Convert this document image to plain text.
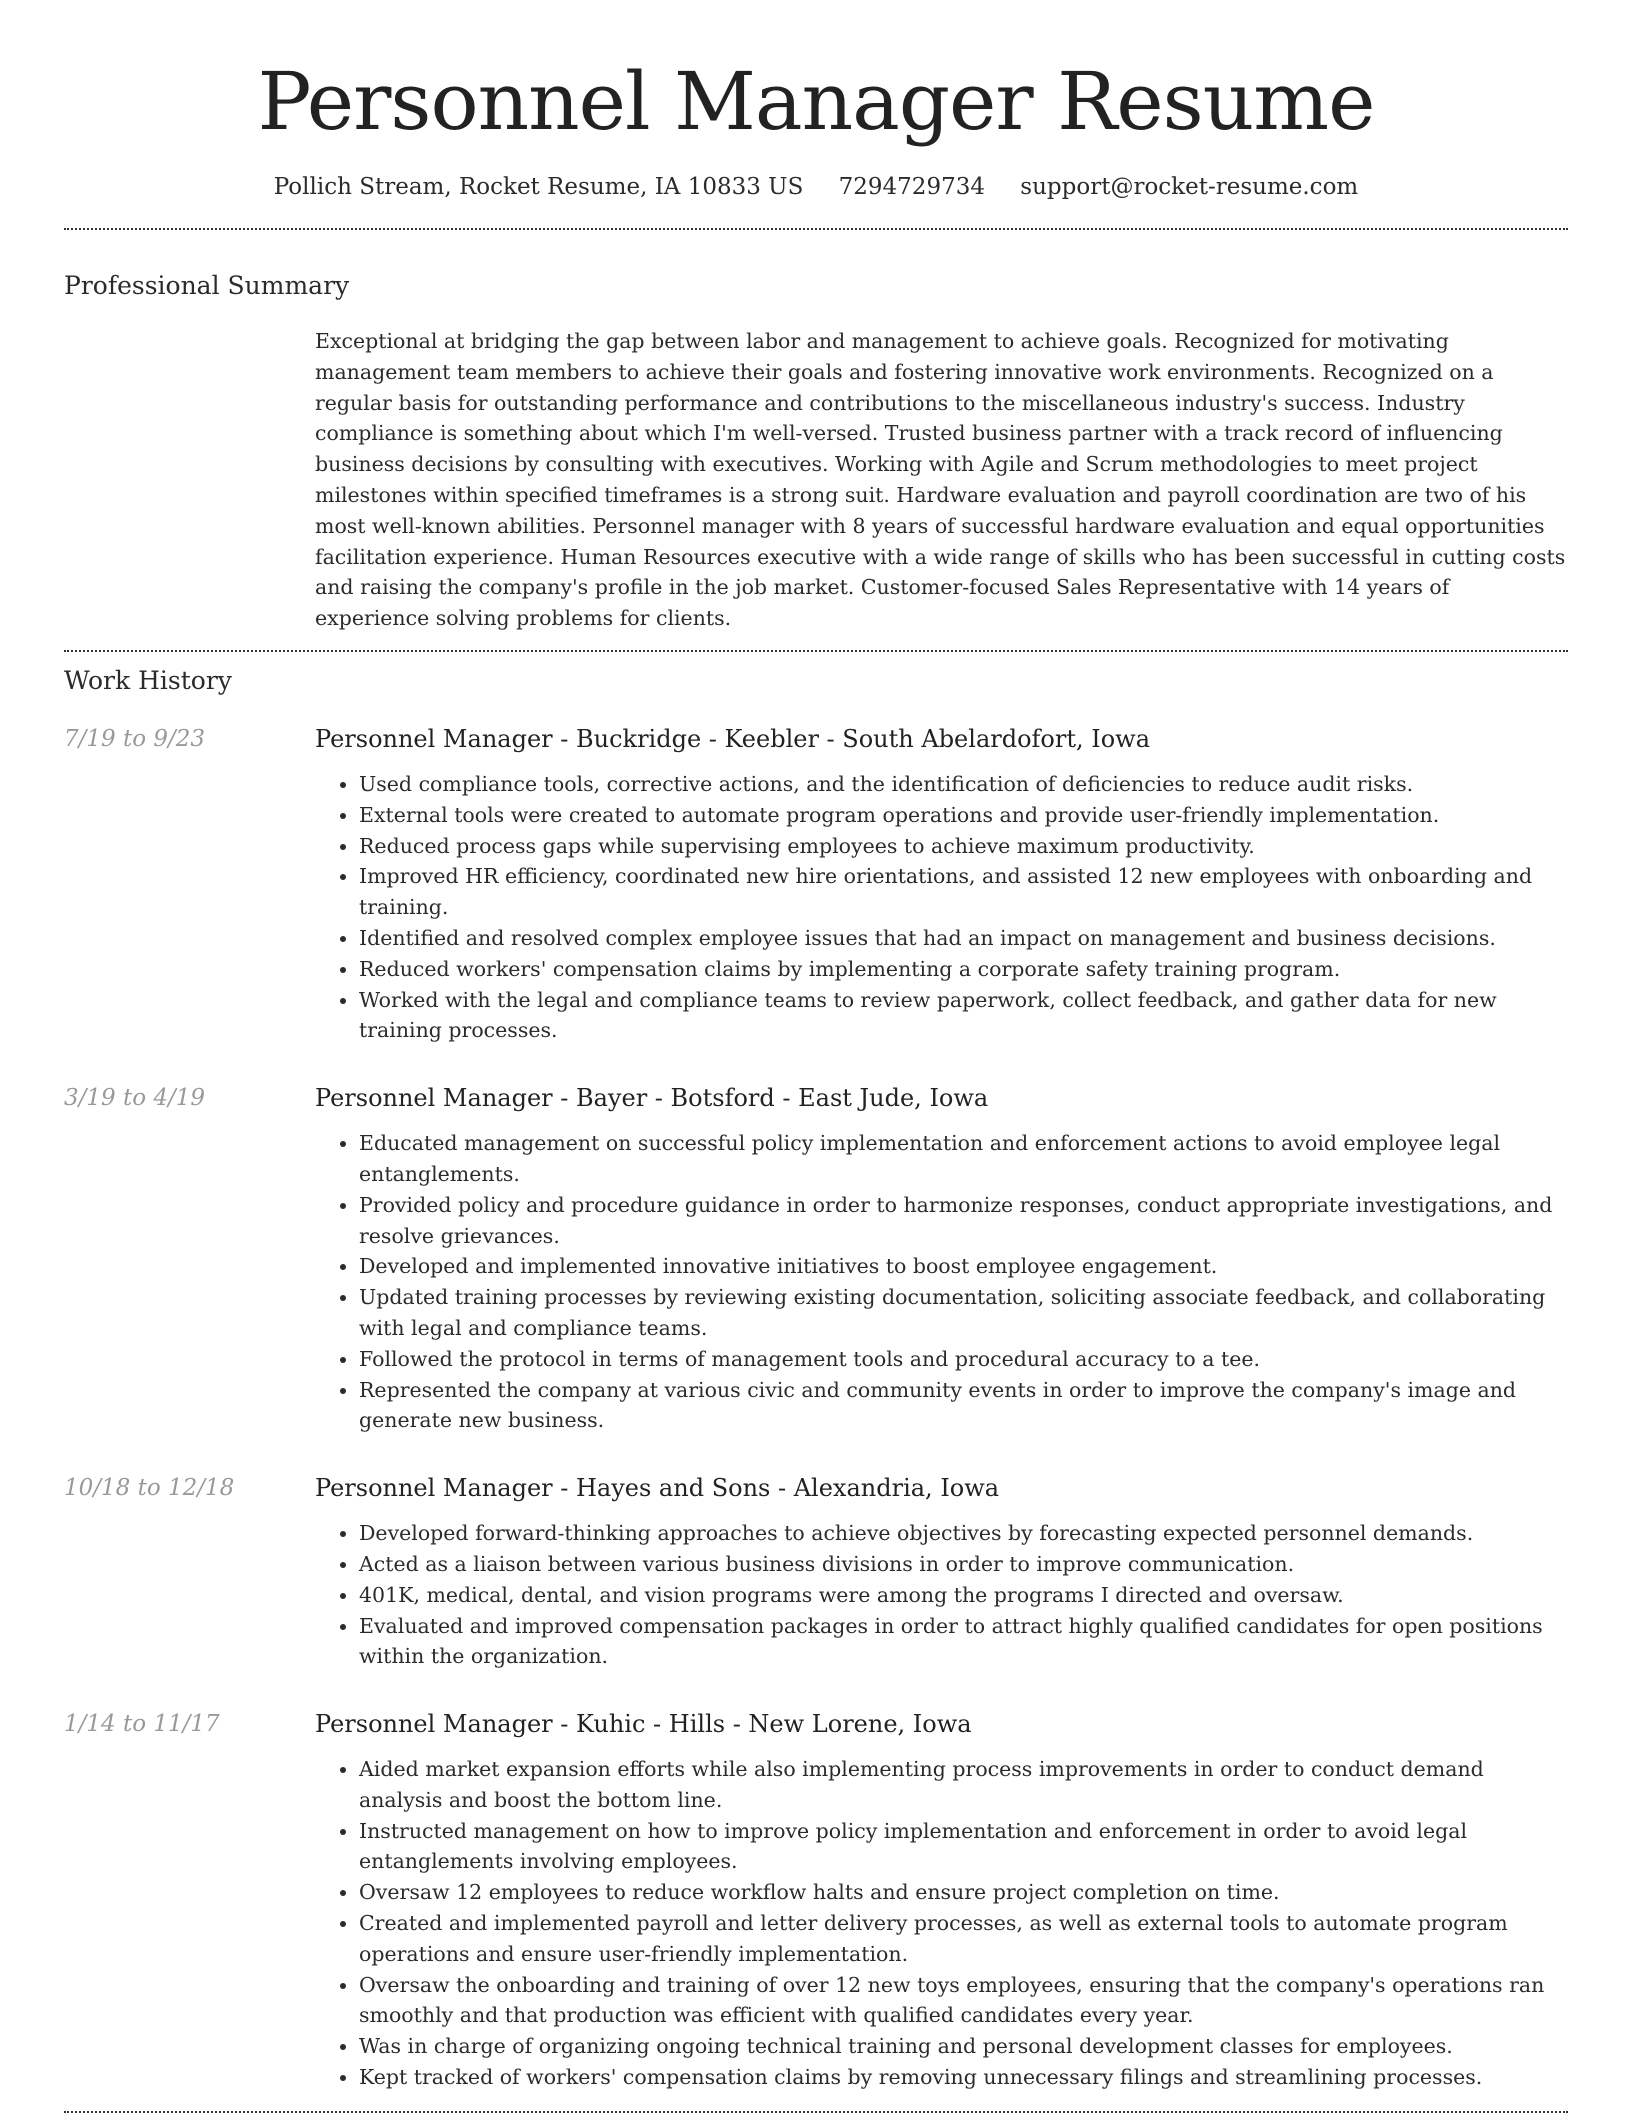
Personnel Manager Resume
Pollich Stream, Rocket Resume, IA 10833 US 7294729734 support@rocket-resume.com
Professional Summary
Exceptional at bridging the gap between labor and management to achieve goals. Recognized for motivating management team members to achieve their goals and fostering innovative work environments. Recognized on a regular basis for outstanding performance and contributions to the miscellaneous industry's success. Industry compliance is something about which I'm well-versed. Trusted business partner with a track record of influencing business decisions by consulting with executives. Working with Agile and Scrum methodologies to meet project milestones within specified timeframes is a strong suit. Hardware evaluation and payroll coordination are two of his most well-known abilities. Personnel manager with 8 years of successful hardware evaluation and equal opportunities facilitation experience. Human Resources executive with a wide range of skills who has been successful in cutting costs and raising the company's profile in the job market. Customer-focused Sales Representative with 14 years of experience solving problems for clients.
Work History
7/19 to 9/23	Personnel Manager - Buckridge - Keebler - South Abelardofort, Iowa
• Used compliance tools, corrective actions, and the identification of deficiencies to reduce audit risks.
• External tools were created to automate program operations and provide user-friendly implementation.
• Reduced process gaps while supervising employees to achieve maximum productivity.
• Improved HR efficiency, coordinated new hire orientations, and assisted 12 new employees with onboarding and training.
• Identified and resolved complex employee issues that had an impact on management and business decisions.
• Reduced workers' compensation claims by implementing a corporate safety training program.
• Worked with the legal and compliance teams to review paperwork, collect feedback, and gather data for new training processes.
3/19 to 4/19	Personnel Manager - Bayer - Botsford - East Jude, Iowa
• Educated management on successful policy implementation and enforcement actions to avoid employee legal entanglements.
• Provided policy and procedure guidance in order to harmonize responses, conduct appropriate investigations, and resolve grievances.
• Developed and implemented innovative initiatives to boost employee engagement.
• Updated training processes by reviewing existing documentation, soliciting associate feedback, and collaborating with legal and compliance teams.
• Followed the protocol in terms of management tools and procedural accuracy to a tee.
• Represented the company at various civic and community events in order to improve the company's image and generate new business.
10/18 to 12/18	Personnel Manager - Hayes and Sons - Alexandria, Iowa
• Developed forward-thinking approaches to achieve objectives by forecasting expected personnel demands.
• Acted as a liaison between various business divisions in order to improve communication.
• 401K, medical, dental, and vision programs were among the programs I directed and oversaw.
• Evaluated and improved compensation packages in order to attract highly qualified candidates for open positions within the organization.
1/14 to 11/17	Personnel Manager - Kuhic - Hills - New Lorene, Iowa
• Aided market expansion efforts while also implementing process improvements in order to conduct demand analysis and boost the bottom line.
• Instructed management on how to improve policy implementation and enforcement in order to avoid legal entanglements involving employees.
• Oversaw 12 employees to reduce workflow halts and ensure project completion on time.
• Created and implemented payroll and letter delivery processes, as well as external tools to automate program operations and ensure user-friendly implementation.
• Oversaw the onboarding and training of over 12 new toys employees, ensuring that the company's operations ran smoothly and that production was efficient with qualified candidates every year.
• Was in charge of organizing ongoing technical training and personal development classes for employees.
• Kept tracked of workers' compensation claims by removing unnecessary filings and streamlining processes.
